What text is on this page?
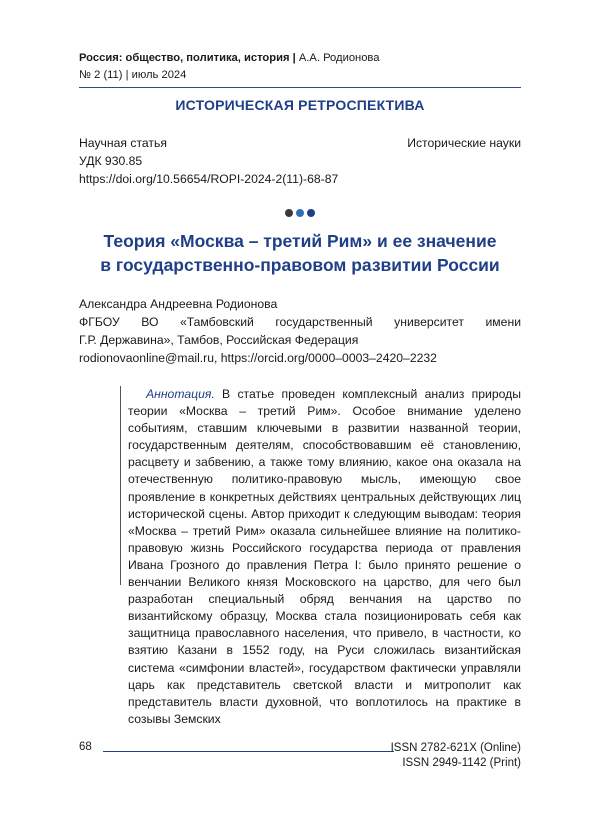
Россия: общество, политика, история | А.А. Родионова
№ 2 (11) | июль 2024
ИСТОРИЧЕСКАЯ РЕТРОСПЕКТИВА
Научная статья	Исторические науки
УДК 930.85
https://doi.org/10.56654/ROPI-2024-2(11)-68-87
Теория «Москва – третий Рим» и ее значение
в государственно-правовом развитии России
Александра Андреевна Родионова
ФГБОУ ВО «Тамбовский государственный университет имени
Г.Р. Державина», Тамбов, Российская Федерация
rodionovaonline@mail.ru, https://orcid.org/0000–0003–2420–2232
Аннотация. В статье проведен комплексный анализ природы теории «Москва – третий Рим». Особое внимание уделено событиям, ставшим ключевыми в развитии названной теории, государственным деятелям, способствовавшим её становлению, расцвету и забвению, а также тому влиянию, какое она оказала на отечественную политико-правовую мысль, имеющую свое проявление в конкретных действиях центральных действующих лиц исторической сцены. Автор приходит к следующим выводам: теория «Москва – третий Рим» оказала сильнейшее влияние на политико-правовую жизнь Российского государства периода от правления Ивана Грозного до правления Петра I: было принято решение о венчании Великого князя Московского на царство, для чего был разработан специальный обряд венчания на царство по византийскому образцу, Москва стала позиционировать себя как защитница православного населения, что привело, в частности, ко взятию Казани в 1552 году, на Руси сложилась византийская система «симфонии властей», государством фактически управляли царь как представитель светской власти и митрополит как представитель власти духовной, что воплотилось на практике в созывы Земских
68	ISSN 2782-621X (Online)
ISSN 2949-1142 (Print)
